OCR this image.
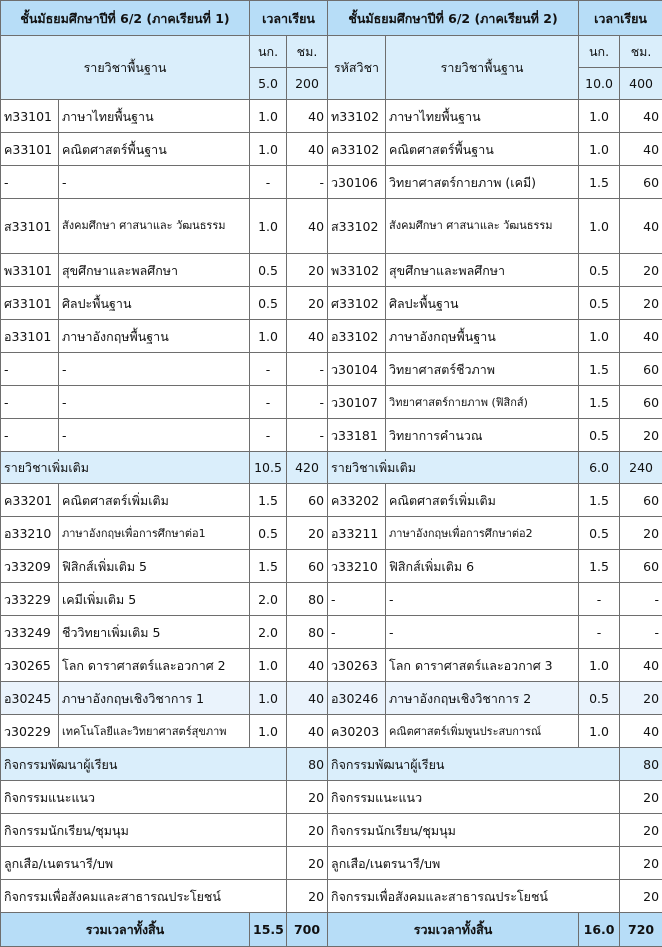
ชั้นมัธยมศึกษาปีที่ 6/2 (ภาคเรียนที่ 1)		เวลาเรียน		ชั้นมัธยมศึกษาปีที่ 6/2 (ภาคเรียนที่ 2)		เวลาเรียน	
รายวิชาพื้นฐาน		นก.	ชม.	รหัสวิชา	รายวิชาพื้นฐาน	นก.	ชม.
		5.0	200			10.0	400
ท33101	ภาษาไทยพื้นฐาน	1.0	40	ท33102	ภาษาไทยพื้นฐาน	1.0	40
ค33101	คณิตศาสตร์พื้นฐาน	1.0	40	ค33102	คณิตศาสตร์พื้นฐาน	1.0	40
-	-	-	-	ว30106	วิทยาศาสตร์กายภาพ (เคมี)	1.5	60
ส33101	สังคมศึกษา ศาสนาและ วัฒนธรรม	1.0	40	ส33102	สังคมศึกษา ศาสนาและ วัฒนธรรม	1.0	40
พ33101	สุขศึกษาและพลศึกษา	0.5	20	พ33102	สุขศึกษาและพลศึกษา	0.5	20
ศ33101	ศิลปะพื้นฐาน	0.5	20	ศ33102	ศิลปะพื้นฐาน	0.5	20
อ33101	ภาษาอังกฤษพื้นฐาน	1.0	40	อ33102	ภาษาอังกฤษพื้นฐาน	1.0	40
-	-	-	-	ว30104	วิทยาศาสตร์ชีวภาพ	1.5	60
-	-	-	-	ว30107	วิทยาศาสตร์กายภาพ (ฟิสิกส์)	1.5	60
-	-	-	-	ว33181	วิทยาการคำนวณ	0.5	20
รายวิชาเพิ่มเติม		10.5	420	รายวิชาเพิ่มเติม		6.0	240
ค33201	คณิตศาสตร์เพิ่มเติม	1.5	60	ค33202	คณิตศาสตร์เพิ่มเติม	1.5	60
อ33210	ภาษาอังกฤษเพื่อการศึกษาต่อ1	0.5	20	อ33211	ภาษาอังกฤษเพื่อการศึกษาต่อ2	0.5	20
ว33209	ฟิสิกส์เพิ่มเติม 5	1.5	60	ว33210	ฟิสิกส์เพิ่มเติม 6	1.5	60
ว33229	เคมีเพิ่มเติม 5	2.0	80	-	-	-	-
ว33249	ชีววิทยาเพิ่มเติม 5	2.0	80	-	-	-	-
ว30265	โลก ดาราศาสตร์และอวกาศ 2	1.0	40	ว30263	โลก ดาราศาสตร์และอวกาศ 3	1.0	40
อ30245	ภาษาอังกฤษเชิงวิชาการ 1	1.0	40	อ30246	ภาษาอังกฤษเชิงวิชาการ 2	0.5	20
ว30229	เทคโนโลยีและวิทยาศาสตร์สุขภาพ	1.0	40	ค30203	คณิตศาสตร์เพิ่มพูนประสบการณ์	1.0	40
กิจกรรมพัฒนาผู้เรียน			80	กิจกรรมพัฒนาผู้เรียน			80
กิจกรรมแนะแนว			20	กิจกรรมแนะแนว			20
กิจกรรมนักเรียน/ชุมนุม			20	กิจกรรมนักเรียน/ชุมนุม			20
ลูกเสือ/เนตรนารี/บพ			20	ลูกเสือ/เนตรนารี/บพ			20
กิจกรรมเพื่อสังคมและสาธารณประโยชน์			20	กิจกรรมเพื่อสังคมและสาธารณประโยชน์			20
รวมเวลาทั้งสิ้น		15.5	700	รวมเวลาทั้งสิ้น		16.0	720
